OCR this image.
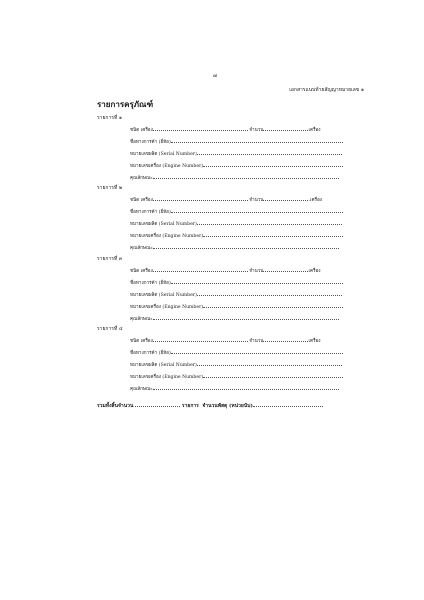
๗
เอกสารแนบท้ายสัญญาหมายเลข ๑
รายการครุภัณฑ์
รายการที่ ๑
ชนิด เครื่อง	จำนวน	เครื่อง
ชื่อทางการค้า (ยี่ห้อ)
หมายเลขผลิต (Serial Number)
หมายเลขเครื่อง (Engine Number)
คุณลักษณะ
รายการที่ ๒
ชนิด เครื่อง	จำนวน	.เครื่อง
ชื่อทางการค้า (ยี่ห้อ)
หมายเลขผลิต (Serial Number)
หมายเลขเครื่อง (Engine Number)
คุณลักษณะ
รายการที่ ๓
ชนิด เครื่อง	จำนวน	เครื่อง
ชื่อทางการค้า (ยี่ห้อ)
หมายเลขผลิต (Serial Number)
หมายเลขเครื่อง (Engine Number)
คุณลักษณะ
รายการที่ ๔
ชนิด เครื่อง	จำนวน	เครื่อง
ชื่อทางการค้า (ยี่ห้อ)
หมายเลขผลิต (Serial Number)
หมายเลขเครื่อง (Engine Number)
คุณลักษณะ
รวมทั้งสิ้นจำนวน	รายการ จำนวนพัสดุ (หน่วยนับ)
